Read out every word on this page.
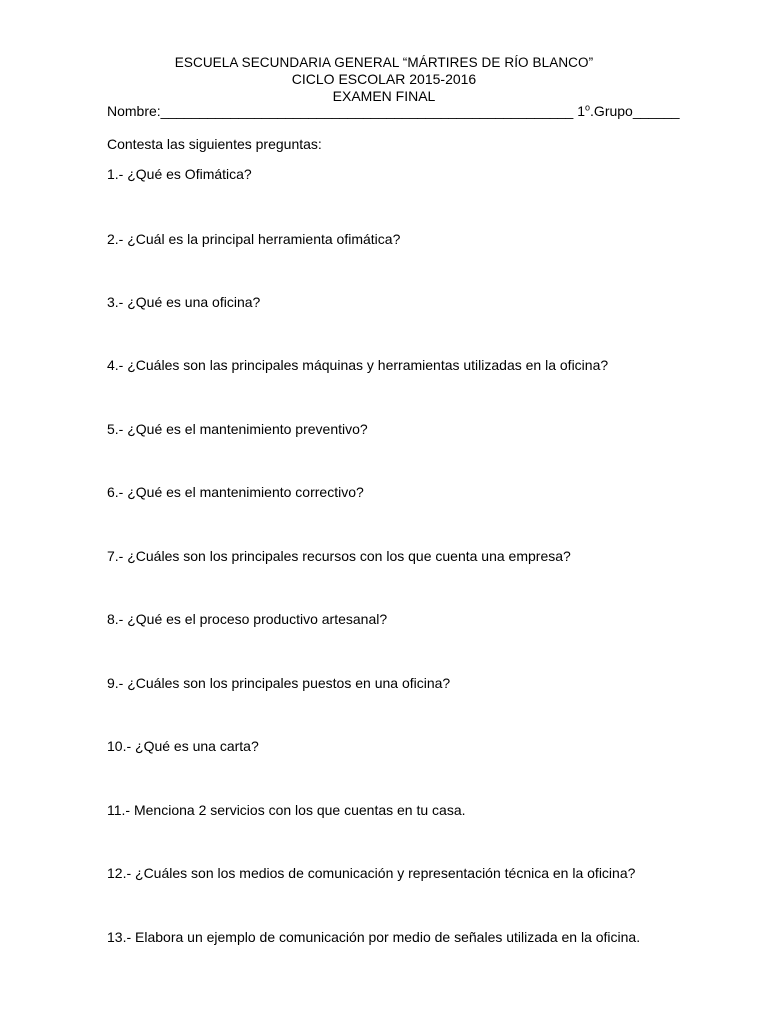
ESCUELA SECUNDARIA GENERAL “MÁRTIRES DE RÍO BLANCO”
CICLO ESCOLAR 2015-2016
EXAMEN FINAL
Nombre:_____________________________________________________ 1$^o$.Grupo______
Contesta las siguientes preguntas:
1.- ¿Qué es Ofimática?
2.- ¿Cuál es la principal herramienta ofimática?
3.- ¿Qué es una oficina?
4.- ¿Cuáles son las principales máquinas y herramientas utilizadas en la oficina?
5.- ¿Qué es el mantenimiento preventivo?
6.- ¿Qué es el mantenimiento correctivo?
7.- ¿Cuáles son los principales recursos con los que cuenta una empresa?
8.- ¿Qué es el proceso productivo artesanal?
9.- ¿Cuáles son los principales puestos en una oficina?
10.- ¿Qué es una carta?
11.- Menciona 2 servicios con los que cuentas en tu casa.
12.- ¿Cuáles son los medios de comunicación y representación técnica en la oficina?
13.- Elabora un ejemplo de comunicación por medio de señales utilizada en la oficina.
